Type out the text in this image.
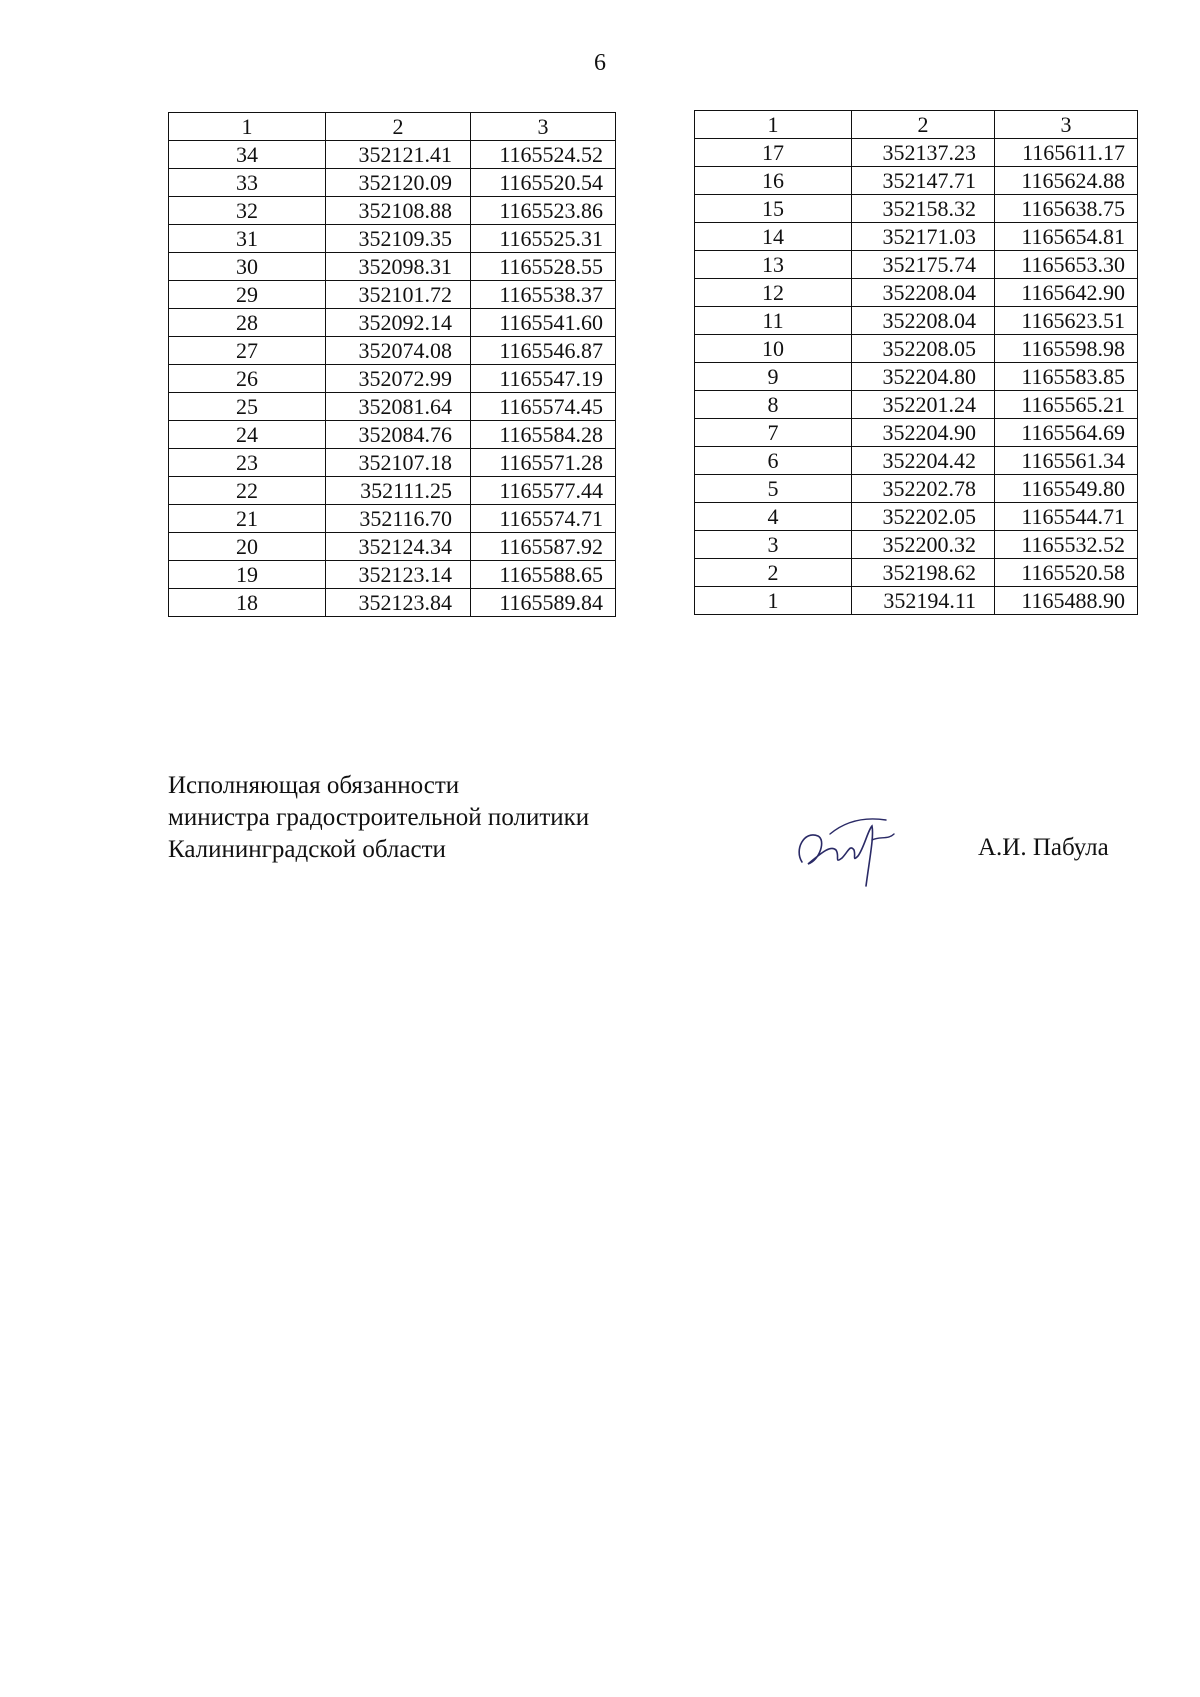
6
1	2	3
34	352121.41	1165524.52
33	352120.09	1165520.54
32	352108.88	1165523.86
31	352109.35	1165525.31
30	352098.31	1165528.55
29	352101.72	1165538.37
28	352092.14	1165541.60
27	352074.08	1165546.87
26	352072.99	1165547.19
25	352081.64	1165574.45
24	352084.76	1165584.28
23	352107.18	1165571.28
22	352111.25	1165577.44
21	352116.70	1165574.71
20	352124.34	1165587.92
19	352123.14	1165588.65
18	352123.84	1165589.84
1	2	3
17	352137.23	1165611.17
16	352147.71	1165624.88
15	352158.32	1165638.75
14	352171.03	1165654.81
13	352175.74	1165653.30
12	352208.04	1165642.90
11	352208.04	1165623.51
10	352208.05	1165598.98
9	352204.80	1165583.85
8	352201.24	1165565.21
7	352204.90	1165564.69
6	352204.42	1165561.34
5	352202.78	1165549.80
4	352202.05	1165544.71
3	352200.32	1165532.52
2	352198.62	1165520.58
1	352194.11	1165488.90
Исполняющая обязанности
министра градостроительной политики
Калининградской области	А.И. Пабула
